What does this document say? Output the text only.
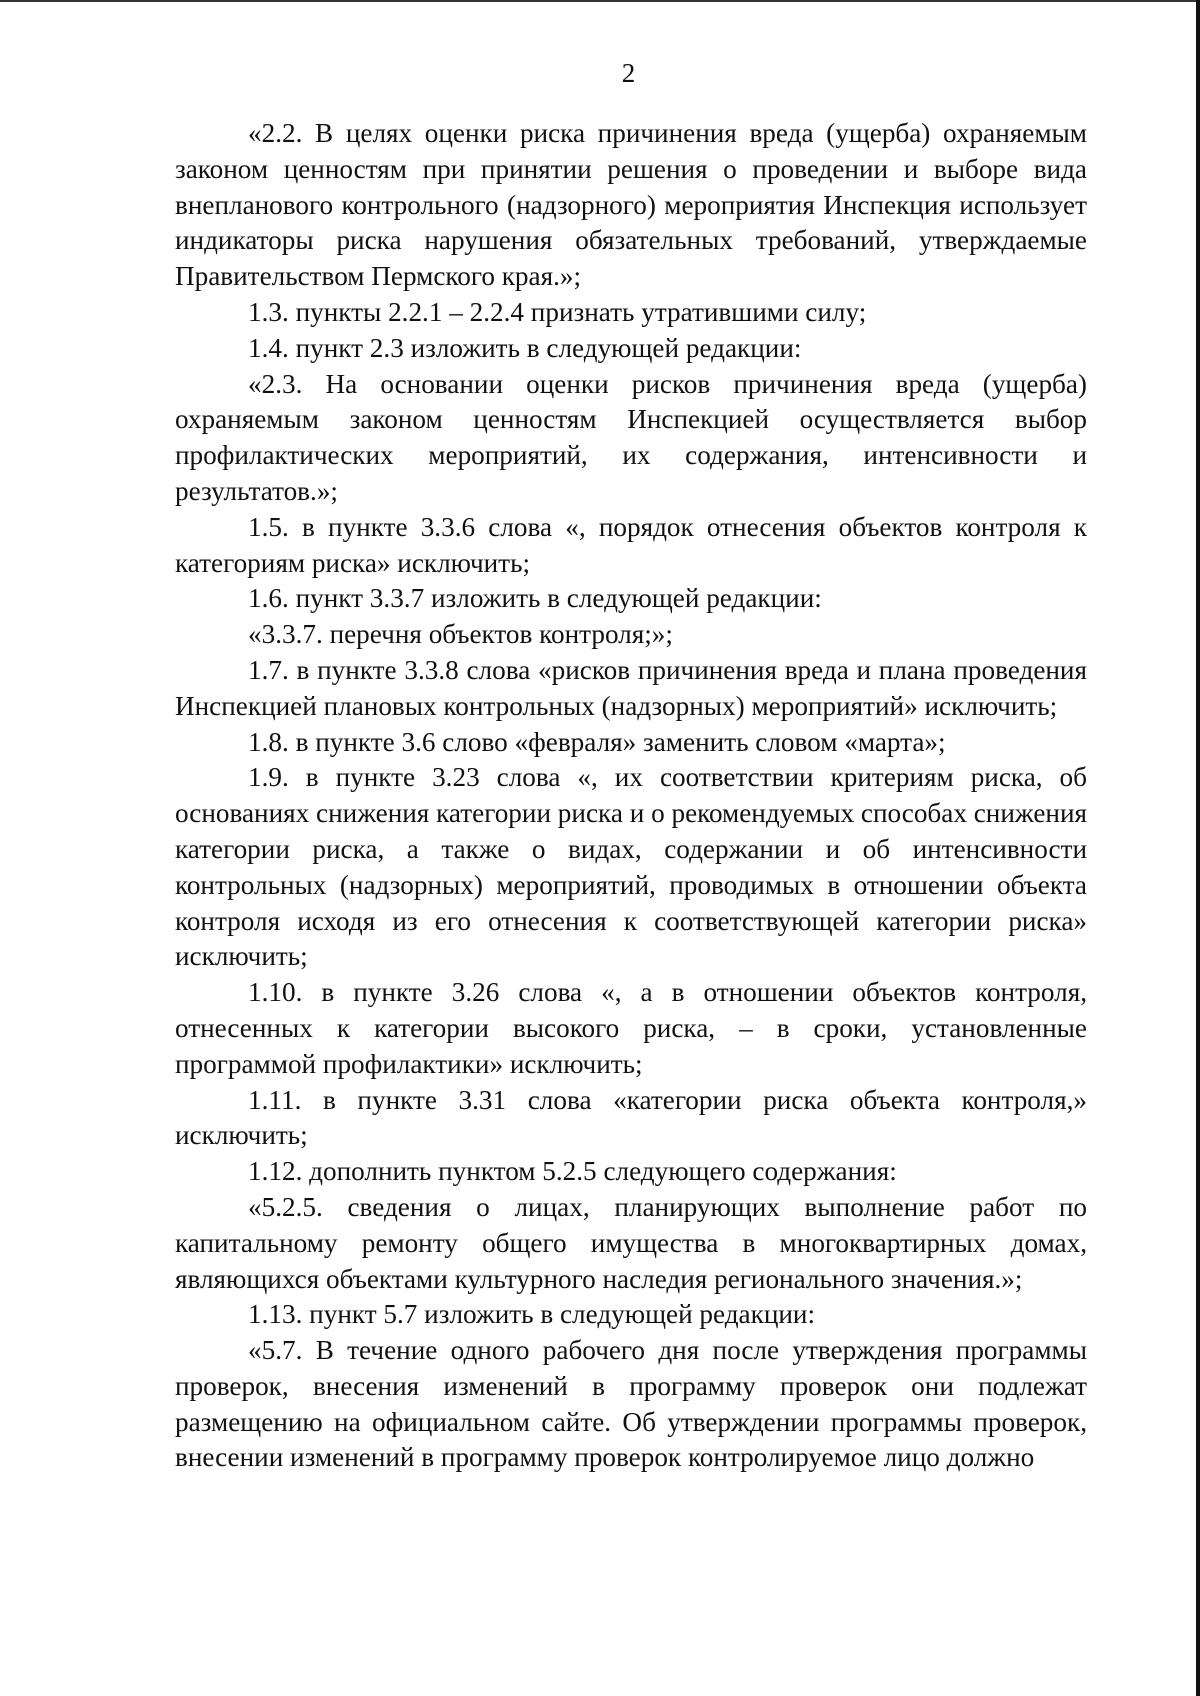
2

«2.2. В целях оценки риска причинения вреда (ущерба) охраняемым законом ценностям при принятии решения о проведении и выборе вида внепланового контрольного (надзорного) мероприятия Инспекция использует индикаторы риска нарушения обязательных требований, утверждаемые Правительством Пермского края.»;

1.3. пункты 2.2.1 – 2.2.4 признать утратившими силу;

1.4. пункт 2.3 изложить в следующей редакции:

«2.3. На основании оценки рисков причинения вреда (ущерба) охраняемым законом ценностям Инспекцией осуществляется выбор профилактических мероприятий, их содержания, интенсивности и результатов.»;

1.5. в пункте 3.3.6 слова «, порядок отнесения объектов контроля к категориям риска» исключить;

1.6. пункт 3.3.7 изложить в следующей редакции:

«3.3.7. перечня объектов контроля;»;

1.7. в пункте 3.3.8 слова «рисков причинения вреда и плана проведения Инспекцией плановых контрольных (надзорных) мероприятий» исключить;

1.8. в пункте 3.6 слово «февраля» заменить словом «марта»;

1.9. в пункте 3.23 слова «, их соответствии критериям риска, об основаниях снижения категории риска и о рекомендуемых способах снижения категории риска, а также о видах, содержании и об интенсивности контрольных (надзорных) мероприятий, проводимых в отношении объекта контроля исходя из его отнесения к соответствующей категории риска» исключить;

1.10. в пункте 3.26 слова «, а в отношении объектов контроля, отнесенных к категории высокого риска, – в сроки, установленные программой профилактики» исключить;

1.11. в пункте 3.31 слова «категории риска объекта контроля,» исключить;

1.12. дополнить пунктом 5.2.5 следующего содержания:

«5.2.5. сведения о лицах, планирующих выполнение работ по капитальному ремонту общего имущества в многоквартирных домах, являющихся объектами культурного наследия регионального значения.»;

1.13. пункт 5.7 изложить в следующей редакции:

«5.7. В течение одного рабочего дня после утверждения программы проверок, внесения изменений в программу проверок они подлежат размещению на официальном сайте. Об утверждении программы проверок, внесении изменений в программу проверок контролируемое лицо должно
